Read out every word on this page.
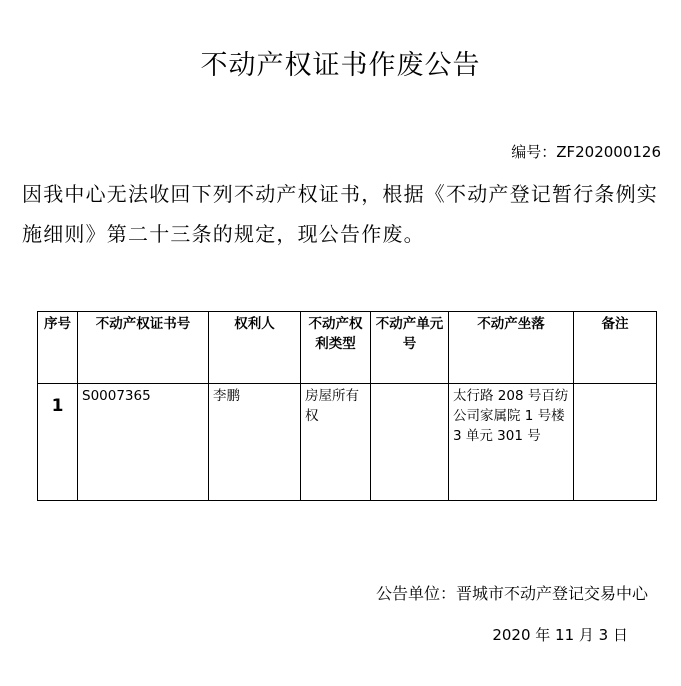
不动产权证书作废公告
编号：ZF202000126
因我中心无法收回下列不动产权证书，根据《不动产登记暂行条例实施细则》第二十三条的规定，现公告作废。
序号	不动产权证书号	权利人	不动产权利类型	不动产单元号	不动产坐落	备注
1	S0007365	李鹏	房屋所有权		太行路 208 号百纺公司家属院 1 号楼 3 单元 301 号	
公告单位：晋城市不动产登记交易中心
2020 年 11 月 3 日
